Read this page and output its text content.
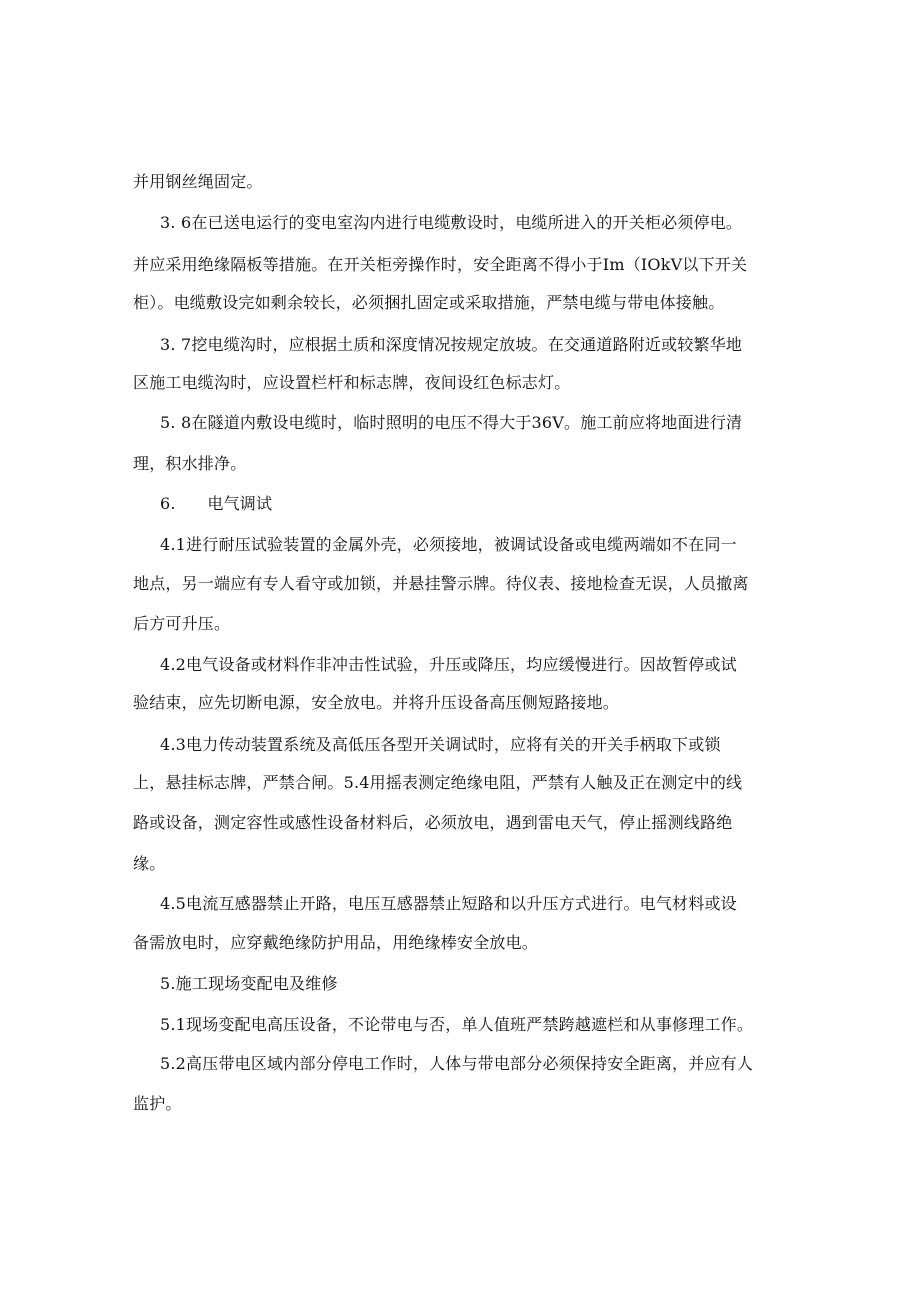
并用钢丝绳固定。
3. 6在已送电运行的变电室沟内进行电缆敷设时，电缆所进入的开关柜必须停电。
并应采用绝缘隔板等措施。在开关柜旁操作时，安全距离不得小于Im（IOkV以下开关
柜）。电缆敷设完如剩余较长，必须捆扎固定或采取措施，严禁电缆与带电体接触。
3. 7挖电缆沟时，应根据土质和深度情况按规定放坡。在交通道路附近或较繁华地
区施工电缆沟时，应设置栏杆和标志牌，夜间设红色标志灯。
5. 8在隧道内敷设电缆时，临时照明的电压不得大于36V。施工前应将地面进行清
理，积水排净。
6.      电气调试
4.1进行耐压试验装置的金属外壳，必须接地，被调试设备或电缆两端如不在同一
地点，另一端应有专人看守或加锁，并悬挂警示牌。待仪表、接地检查无误，人员撤离
后方可升压。
4.2电气设备或材料作非冲击性试验，升压或降压，均应缓慢进行。因故暂停或试
验结束，应先切断电源，安全放电。并将升压设备高压侧短路接地。
4.3电力传动装置系统及高低压各型开关调试时，应将有关的开关手柄取下或锁
上，悬挂标志牌，严禁合闸。5.4用摇表测定绝缘电阻，严禁有人触及正在测定中的线
路或设备，测定容性或感性设备材料后，必须放电，遇到雷电天气，停止摇测线路绝
缘。
4.5电流互感器禁止开路，电压互感器禁止短路和以升压方式进行。电气材料或设
备需放电时，应穿戴绝缘防护用品，用绝缘棒安全放电。
5.施工现场变配电及维修
5.1现场变配电高压设备，不论带电与否，单人值班严禁跨越遮栏和从事修理工作。
5.2高压带电区域内部分停电工作时，人体与带电部分必须保持安全距离，并应有人
监护。
